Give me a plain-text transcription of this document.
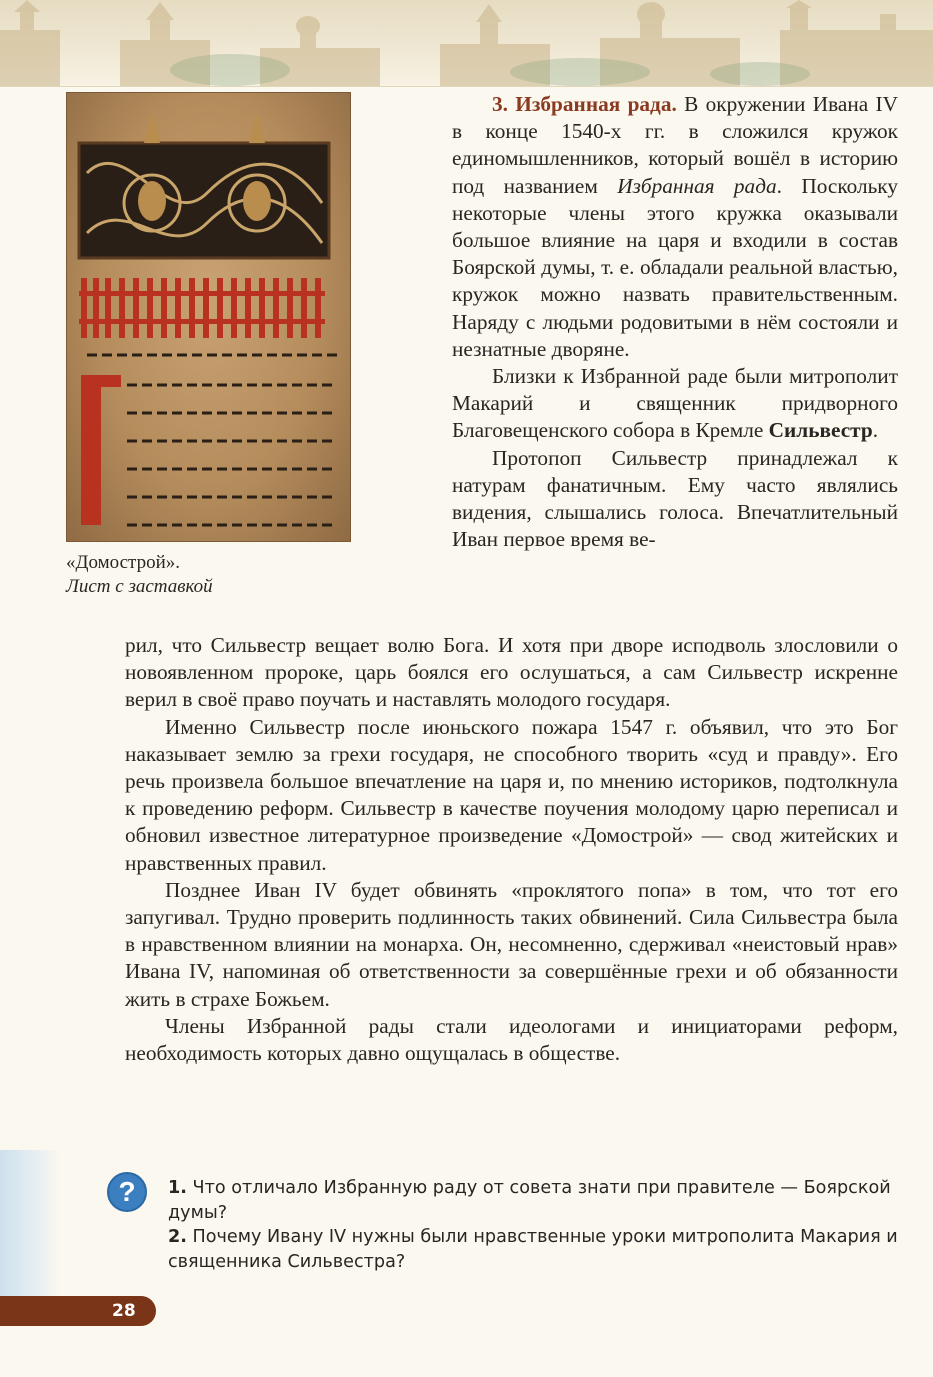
«Домострой».
Лист с заставкой

3. Избранная рада. В окружении Ивана IV в конце 1540-х гг. в сложился кружок единомышленников, который вошёл в историю под названием Избранная рада. Поскольку некоторые члены этого кружка оказывали большое влияние на царя и входили в состав Боярской думы, т. е. обладали реальной властью, кружок можно назвать правительственным. Наряду с людьми родовитыми в нём состояли и незнатные дворяне.

Близки к Избранной раде были митрополит Макарий и священник придворного Благовещенского собора в Кремле Сильвестр.

Протопоп Сильвестр принадлежал к натурам фанатичным. Ему часто являлись видения, слышались голоса. Впечатлительный Иван первое время ве-

рил, что Сильвестр вещает волю Бога. И хотя при дворе исподволь злословили о новоявленном пророке, царь боялся его ослушаться, а сам Сильвестр искренне верил в своё право поучать и наставлять молодого государя.

Именно Сильвестр после июньского пожара 1547 г. объявил, что это Бог наказывает землю за грехи государя, не способного творить «суд и правду». Его речь произвела большое впечатление на царя и, по мнению историков, подтолкнула к проведению реформ. Сильвестр в качестве поучения молодому царю переписал и обновил известное литературное произведение «Домострой» — свод житейских и нравственных правил.

Позднее Иван IV будет обвинять «проклятого попа» в том, что тот его запугивал. Трудно проверить подлинность таких обвинений. Сила Сильвестра была в нравственном влиянии на монарха. Он, несомненно, сдерживал «неистовый нрав» Ивана IV, напоминая об ответственности за совершённые грехи и об обязанности жить в страхе Божьем.

Члены Избранной рады стали идеологами и инициаторами реформ, необходимость которых давно ощущалась в обществе.

?	1. Что отличало Избранную раду от совета знати при правителе — Боярской думы?

2. Почему Ивану IV нужны были нравственные уроки митрополита Макария и священника Сильвестра?

28
